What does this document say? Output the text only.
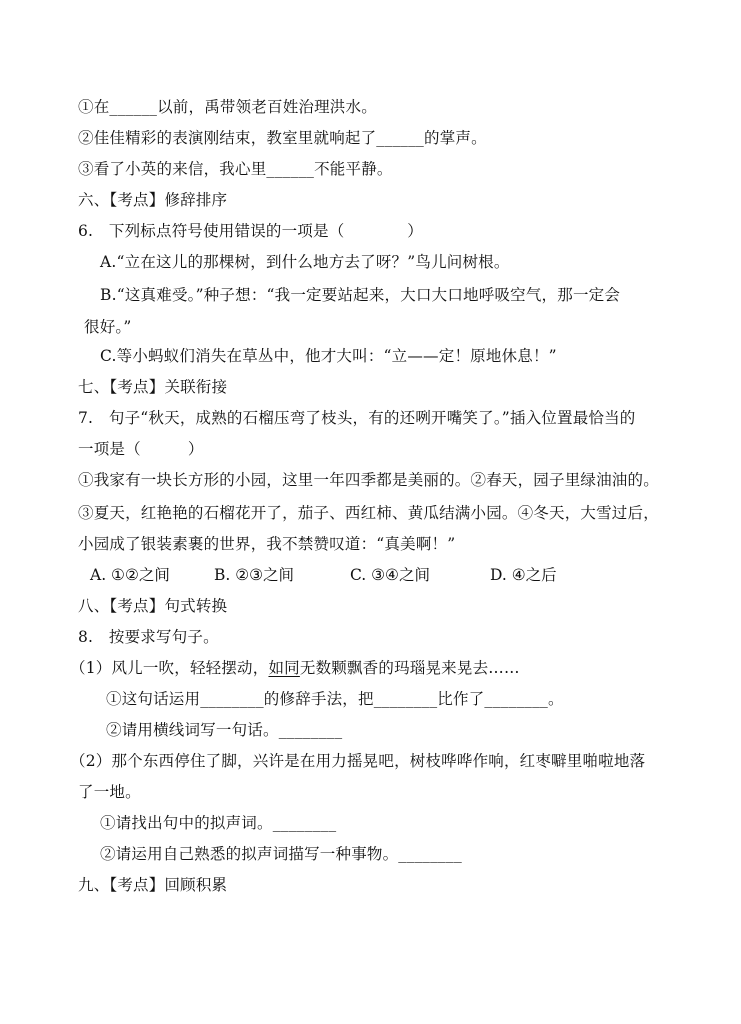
①在______以前，禹带领老百姓治理洪水。
②佳佳精彩的表演刚结束，教室里就响起了______的掌声。
③看了小英的来信，我心里______不能平静。
六、【考点】修辞排序
6.　下列标点符号使用错误的一项是（　　　　）
A.“立在这儿的那棵树，到什么地方去了呀？”鸟儿问树根。
B.“这真难受。”种子想：“我一定要站起来，大口大口地呼吸空气，那一定会
很好。”
C.等小蚂蚁们消失在草丛中，他才大叫：“立——定！原地休息！”
七、【考点】关联衔接
7.　句子“秋天，成熟的石榴压弯了枝头，有的还咧开嘴笑了。”插入位置最恰当的
一项是（　　　）
①我家有一块长方形的小园，这里一年四季都是美丽的。②春天，园子里绿油油的。
③夏天，红艳艳的石榴花开了，茄子、西红柿、黄瓜结满小园。④冬天，大雪过后，
小园成了银装素裹的世界，我不禁赞叹道：“真美啊！”
A. ①②之间	B. ②③之间	C. ③④之间	D. ④之后
八、【考点】句式转换
8.　按要求写句子。
（1）风儿一吹，轻轻摆动，如同无数颗飘香的玛瑙晃来晃去……
①这句话运用________的修辞手法，把________比作了________。
②请用横线词写一句话。________
（2）那个东西停住了脚，兴许是在用力摇晃吧，树枝哗哗作响，红枣噼里啪啦地落
了一地。
①请找出句中的拟声词。________
②请运用自己熟悉的拟声词描写一种事物。________
九、【考点】回顾积累
